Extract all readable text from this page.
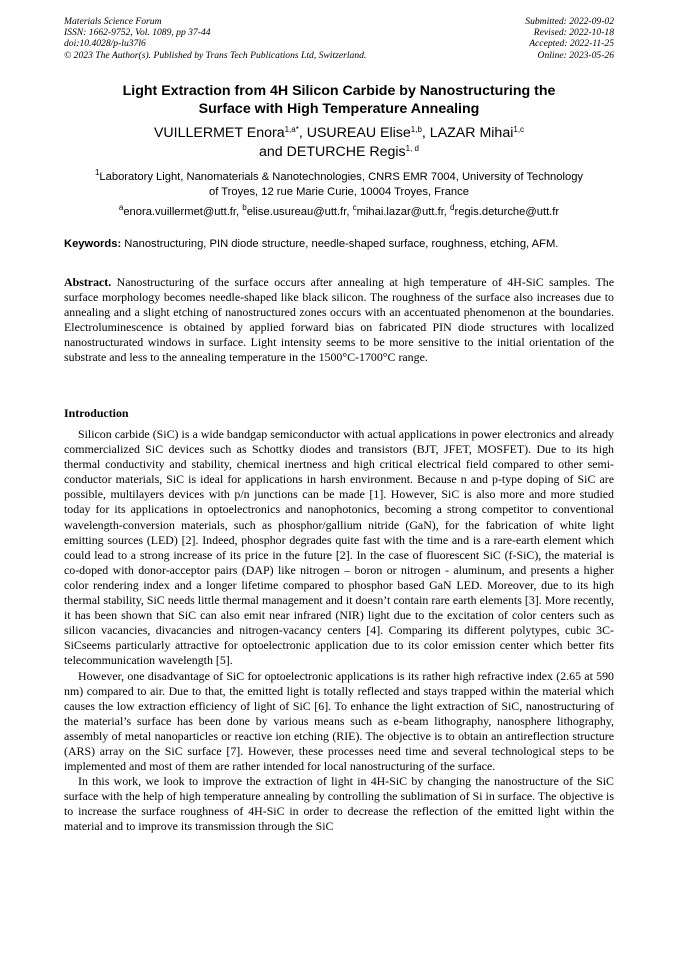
Materials Science Forum
ISSN: 1662-9752, Vol. 1089, pp 37-44
doi:10.4028/p-lu37l6
© 2023 The Author(s). Published by Trans Tech Publications Ltd, Switzerland.
Submitted: 2022-09-02
Revised: 2022-10-18
Accepted: 2022-11-25
Online: 2023-05-26
Light Extraction from 4H Silicon Carbide by Nanostructuring the
Surface with High Temperature Annealing
VUILLERMET Enora$^{1,a*}$, USUREAU Elise$^{1,b}$, LAZAR Mihai$^{1,c}$
and DETURCHE Regis$^{1, d}$
$^1$Laboratory Light, Nanomaterials & Nanotechnologies, CNRS EMR 7004, University of Technology
of Troyes, 12 rue Marie Curie, 10004 Troyes, France
$^a$enora.vuillermet@utt.fr, $^b$elise.usureau@utt.fr, $^c$mihai.lazar@utt.fr, $^d$regis.deturche@utt.fr
Keywords: Nanostructuring, PIN diode structure, needle-shaped surface, roughness, etching, AFM.
Abstract. Nanostructuring of the surface occurs after annealing at high temperature of 4H-SiC samples. The surface morphology becomes needle-shaped like black silicon. The roughness of the surface also increases due to annealing and a slight etching of nanostructured zones occurs with an accentuated phenomenon at the boundaries. Electroluminescence is obtained by applied forward bias on fabricated PIN diode structures with localized nanostructurated windows in surface. Light intensity seems to be more sensitive to the initial orientation of the substrate and less to the annealing temperature in the 1500°C-1700°C range.
Introduction

Silicon carbide (SiC) is a wide bandgap semiconductor with actual applications in power electronics and already commercialized SiC devices such as Schottky diodes and transistors (BJT, JFET, MOSFET). Due to its high thermal conductivity and stability, chemical inertness and high critical electrical field compared to other semi-conductor materials, SiC is ideal for applications in harsh environment. Because n and p-type doping of SiC are possible, multilayers devices with p/n junctions can be made [1]. However, SiC is also more and more studied today for its applications in optoelectronics and nanophotonics, becoming a strong competitor to conventional wavelength-conversion materials, such as phosphor/gallium nitride (GaN), for the fabrication of white light emitting sources (LED) [2]. Indeed, phosphor degrades quite fast with the time and is a rare-earth element which could lead to a strong increase of its price in the future [2]. In the case of fluorescent SiC (f-SiC), the material is co-doped with donor-acceptor pairs (DAP) like nitrogen – boron or nitrogen - aluminum, and presents a higher color rendering index and a longer lifetime compared to phosphor based GaN LED. Moreover, due to its high thermal stability, SiC needs little thermal management and it doesn’t contain rare earth elements [3]. More recently, it has been shown that SiC can also emit near infrared (NIR) light due to the excitation of color centers such as silicon vacancies, divacancies and nitrogen-vacancy centers [4]. Comparing its different polytypes, cubic 3C-SiCseems particularly attractive for optoelectronic application due to its color emission center which better fits telecommunication wavelength [5].

However, one disadvantage of SiC for optoelectronic applications is its rather high refractive index (2.65 at 590 nm) compared to air. Due to that, the emitted light is totally reflected and stays trapped within the material which causes the low extraction efficiency of light of SiC [6]. To enhance the light extraction of SiC, nanostructuring of the material’s surface has been done by various means such as e-beam lithography, nanosphere lithography, assembly of metal nanoparticles or reactive ion etching (RIE). The objective is to obtain an antireflection structure (ARS) array on the SiC surface [7]. However, these processes need time and several technological steps to be implemented and most of them are rather intended for local nanostructuring of the surface.

In this work, we look to improve the extraction of light in 4H-SiC by changing the nanostructure of the SiC surface with the help of high temperature annealing by controlling the sublimation of Si in surface. The objective is to increase the surface roughness of 4H-SiC in order to decrease the reflection of the emitted light within the material and to improve its transmission through the SiC
